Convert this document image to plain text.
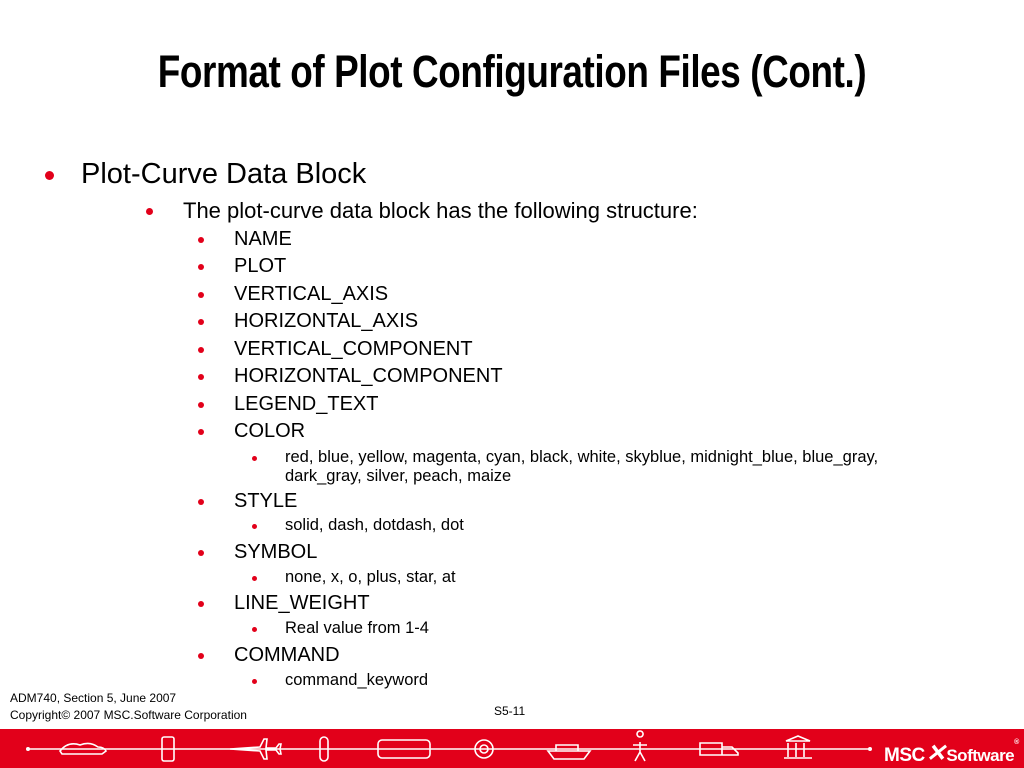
Format of Plot Configuration Files (Cont.)
Plot-Curve Data Block
The plot-curve data block has the following structure:
NAME
PLOT
VERTICAL_AXIS
HORIZONTAL_AXIS
VERTICAL_COMPONENT
HORIZONTAL_COMPONENT
LEGEND_TEXT
COLOR
red, blue, yellow, magenta, cyan, black, white, skyblue, midnight_blue, blue_gray, dark_gray, silver, peach, maize
STYLE
solid, dash, dotdash, dot
SYMBOL
none, x, o, plus, star, at
LINE_WEIGHT
Real value from 1-4
COMMAND
command_keyword
ADM740, Section 5, June 2007
Copyright© 2007 MSC.Software Corporation	S5-11
MSC✕Software®
